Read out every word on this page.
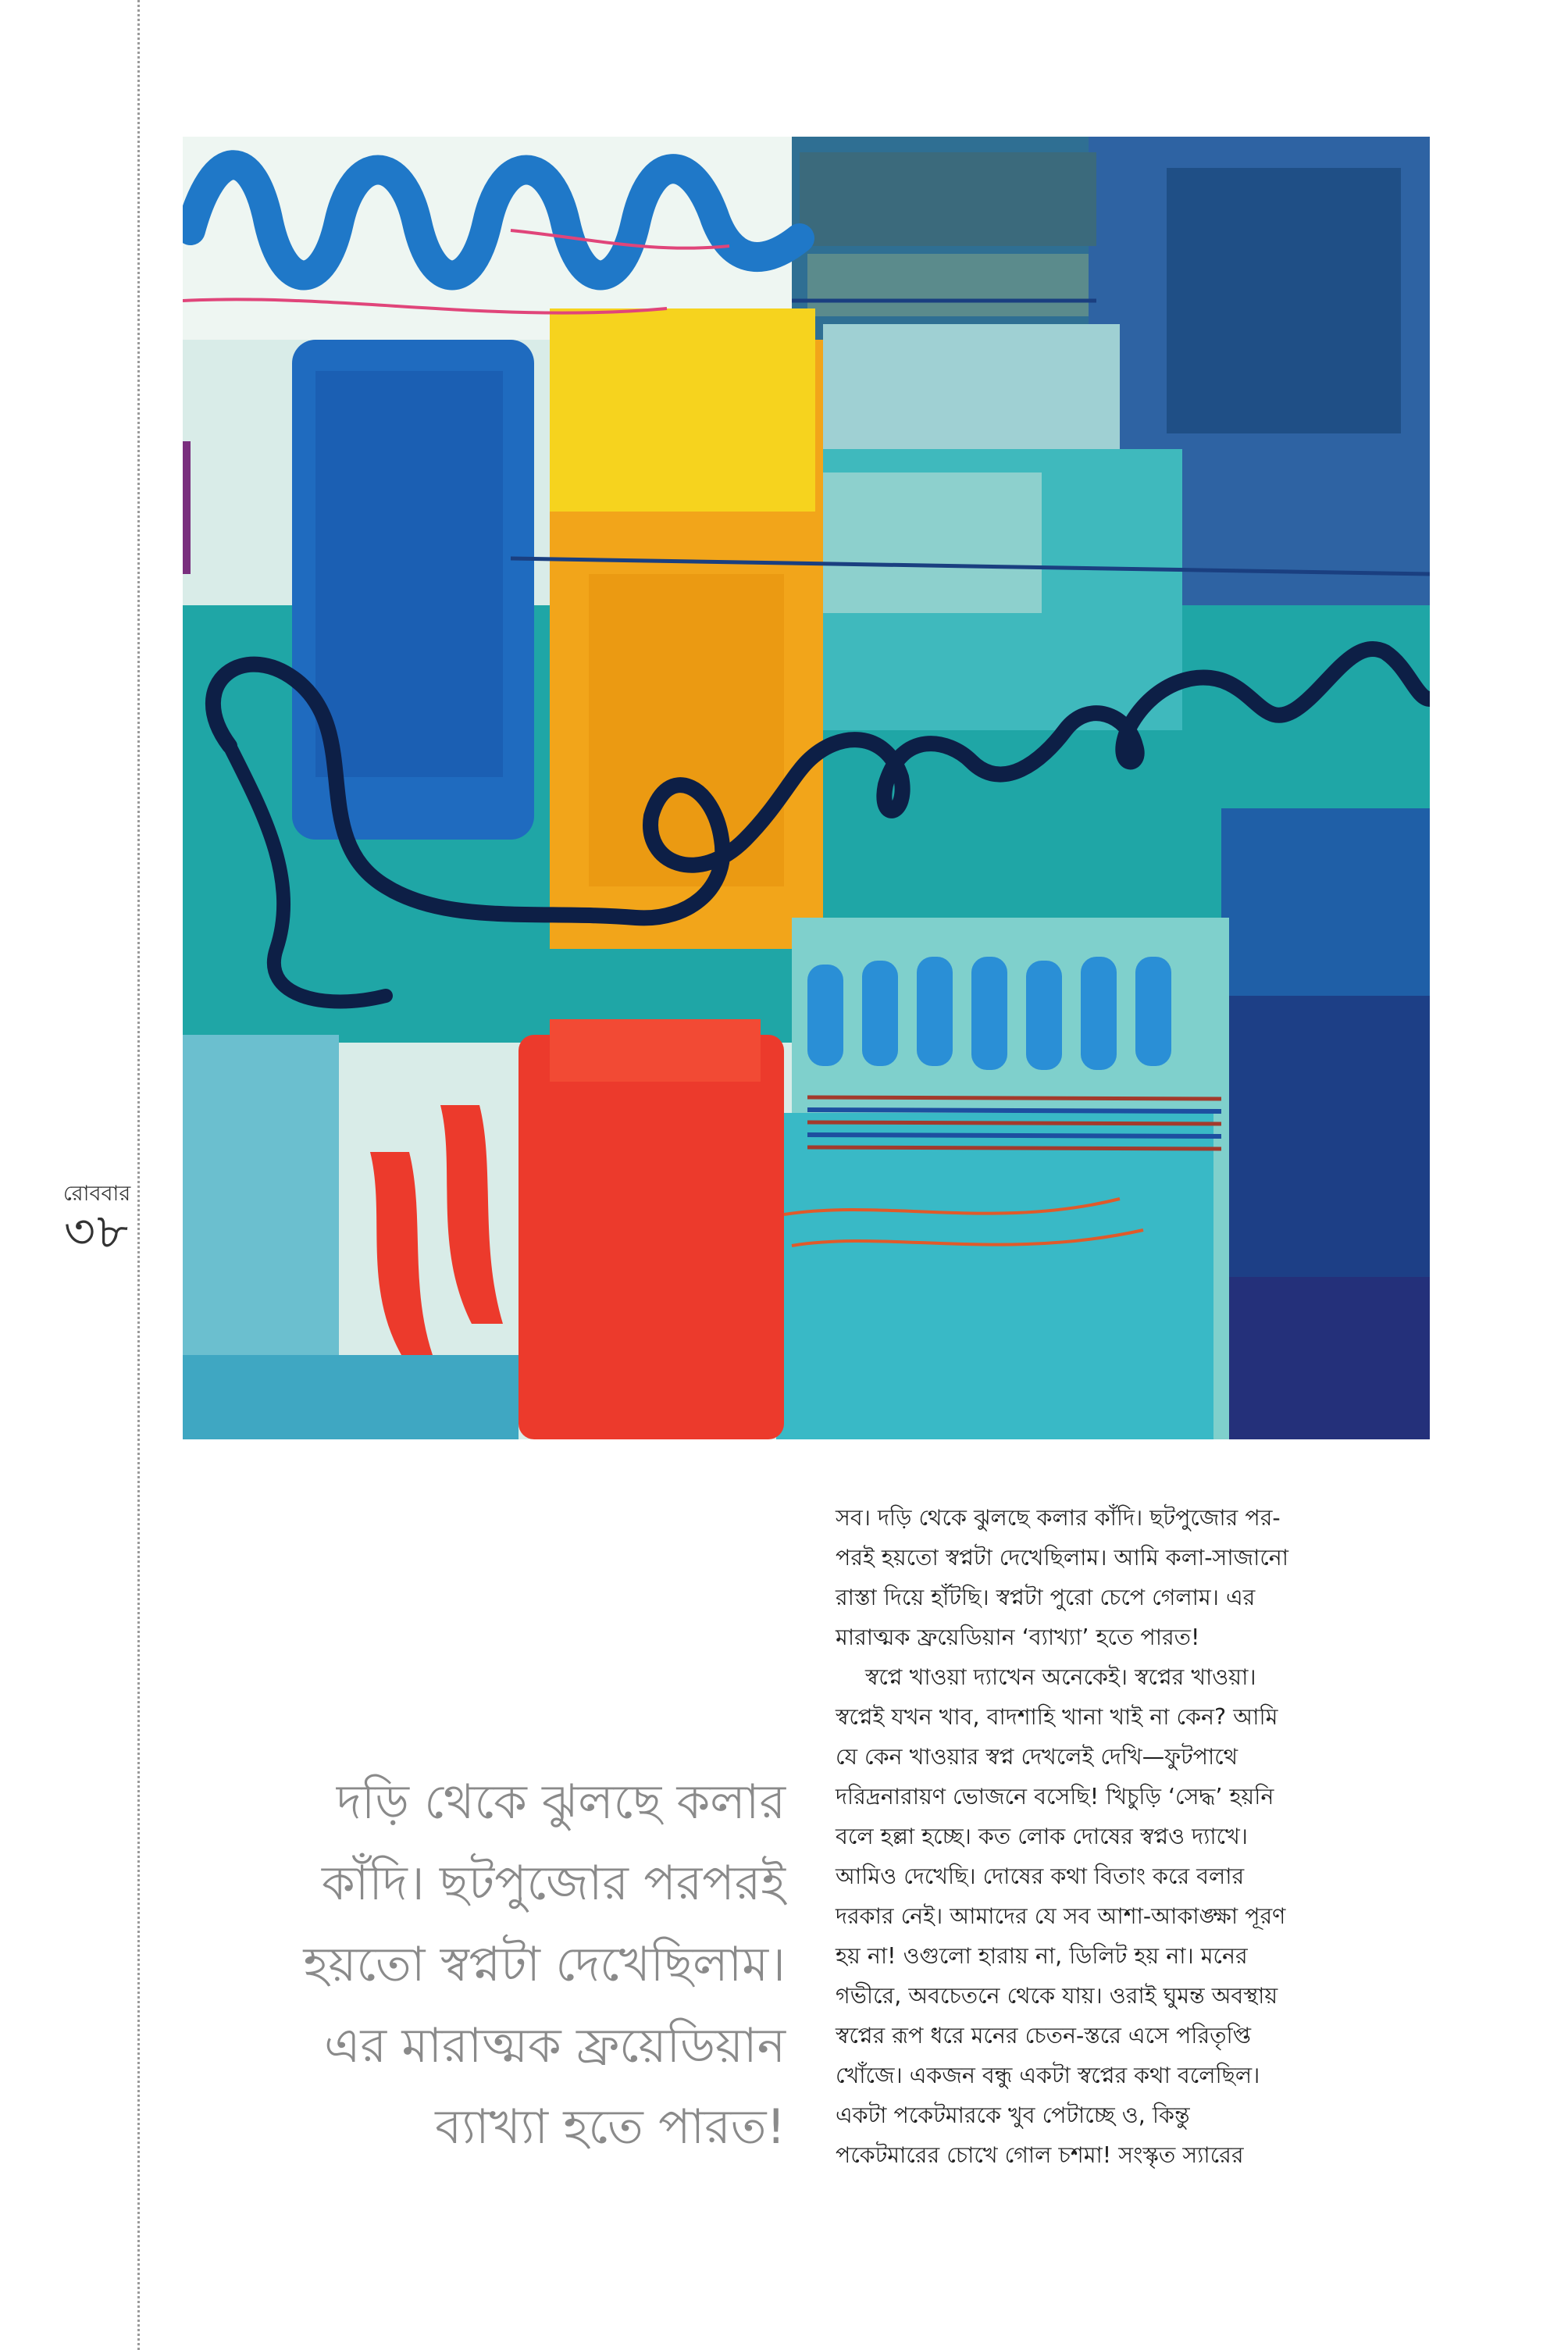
রোববার
৩৮
দড়ি থেকে ঝুলছে কলার
কাঁদি। ছটপুজোর পরপরই
হয়তো স্বপ্নটা দেখেছিলাম।
এর মারাত্মক ফ্রয়েডিয়ান
ব্যাখ্যা হতে পারত!

সব। দড়ি থেকে ঝুলছে কলার কাঁদি। ছটপুজোর পর-
পরই হয়তো স্বপ্নটা দেখেছিলাম। আমি কলা-সাজানো
রাস্তা দিয়ে হাঁটছি। স্বপ্নটা পুরো চেপে গেলাম। এর
মারাত্মক ফ্রয়েডিয়ান ‘ব্যাখ্যা’ হতে পারত!

স্বপ্নে খাওয়া দ্যাখেন অনেকেই। স্বপ্নের খাওয়া।
স্বপ্নেই যখন খাব, বাদশাহি খানা খাই না কেন? আমি
যে কেন খাওয়ার স্বপ্ন দেখলেই দেখি—ফুটপাথে
দরিদ্রনারায়ণ ভোজনে বসেছি! খিচুড়ি ‘সেদ্ধ’ হয়নি
বলে হল্লা হচ্ছে। কত লোক দোষের স্বপ্নও দ্যাখে।
আমিও দেখেছি। দোষের কথা বিতাং করে বলার
দরকার নেই। আমাদের যে সব আশা-আকাঙ্ক্ষা পূরণ
হয় না! ওগুলো হারায় না, ডিলিট হয় না। মনের
গভীরে, অবচেতনে থেকে যায়। ওরাই ঘুমন্ত অবস্থায়
স্বপ্নের রূপ ধরে মনের চেতন-স্তরে এসে পরিতৃপ্তি
খোঁজে। একজন বন্ধু একটা স্বপ্নের কথা বলেছিল।
একটা পকেটমারকে খুব পেটাচ্ছে ও, কিন্তু
পকেটমারের চোখে গোল চশমা! সংস্কৃত স্যারের
